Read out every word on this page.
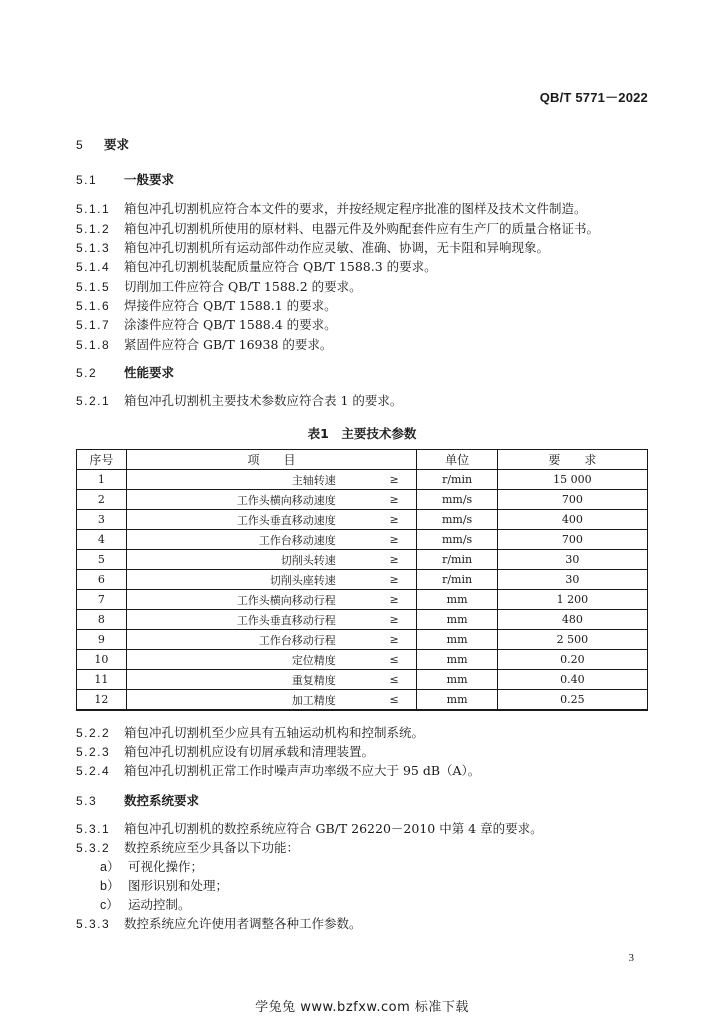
QB/T 5771－2022
5 要求
5.1 一般要求
5.1.1 箱包冲孔切割机应符合本文件的要求，并按经规定程序批准的图样及技术文件制造。
5.1.2 箱包冲孔切割机所使用的原材料、电器元件及外购配套件应有生产厂的质量合格证书。
5.1.3 箱包冲孔切割机所有运动部件动作应灵敏、准确、协调，无卡阻和异响现象。
5.1.4 箱包冲孔切割机装配质量应符合 QB/T 1588.3 的要求。
5.1.5 切削加工件应符合 QB/T 1588.2 的要求。
5.1.6 焊接件应符合 QB/T 1588.1 的要求。
5.1.7 涂漆件应符合 QB/T 1588.4 的要求。
5.1.8 紧固件应符合 GB/T 16938 的要求。
5.2 性能要求
5.2.1 箱包冲孔切割机主要技术参数应符合表 1 的要求。
表1　主要技术参数
序号	项　　目		单位	要　　求
1	主轴转速	≥	r/min	15 000
2	工作头横向移动速度	≥	mm/s	700
3	工作头垂直移动速度	≥	mm/s	400
4	工作台移动速度	≥	mm/s	700
5	切削头转速	≥	r/min	30
6	切削头座转速	≥	r/min	30
7	工作头横向移动行程	≥	mm	1 200
8	工作头垂直移动行程	≥	mm	480
9	工作台移动行程	≥	mm	2 500
10	定位精度	≤	mm	0.20
11	重复精度	≤	mm	0.40
12	加工精度	≤	mm	0.25
5.2.2 箱包冲孔切割机至少应具有五轴运动机构和控制系统。
5.2.3 箱包冲孔切割机应设有切屑承载和清理装置。
5.2.4 箱包冲孔切割机正常工作时噪声声功率级不应大于 95 dB（A）。
5.3 数控系统要求
5.3.1 箱包冲孔切割机的数控系统应符合 GB/T 26220－2010 中第 4 章的要求。
5.3.2 数控系统应至少具备以下功能：
a） 可视化操作；
b） 图形识别和处理；
c） 运动控制。
5.3.3 数控系统应允许使用者调整各种工作参数。
3
学兔兔 www.bzfxw.com 标准下载
